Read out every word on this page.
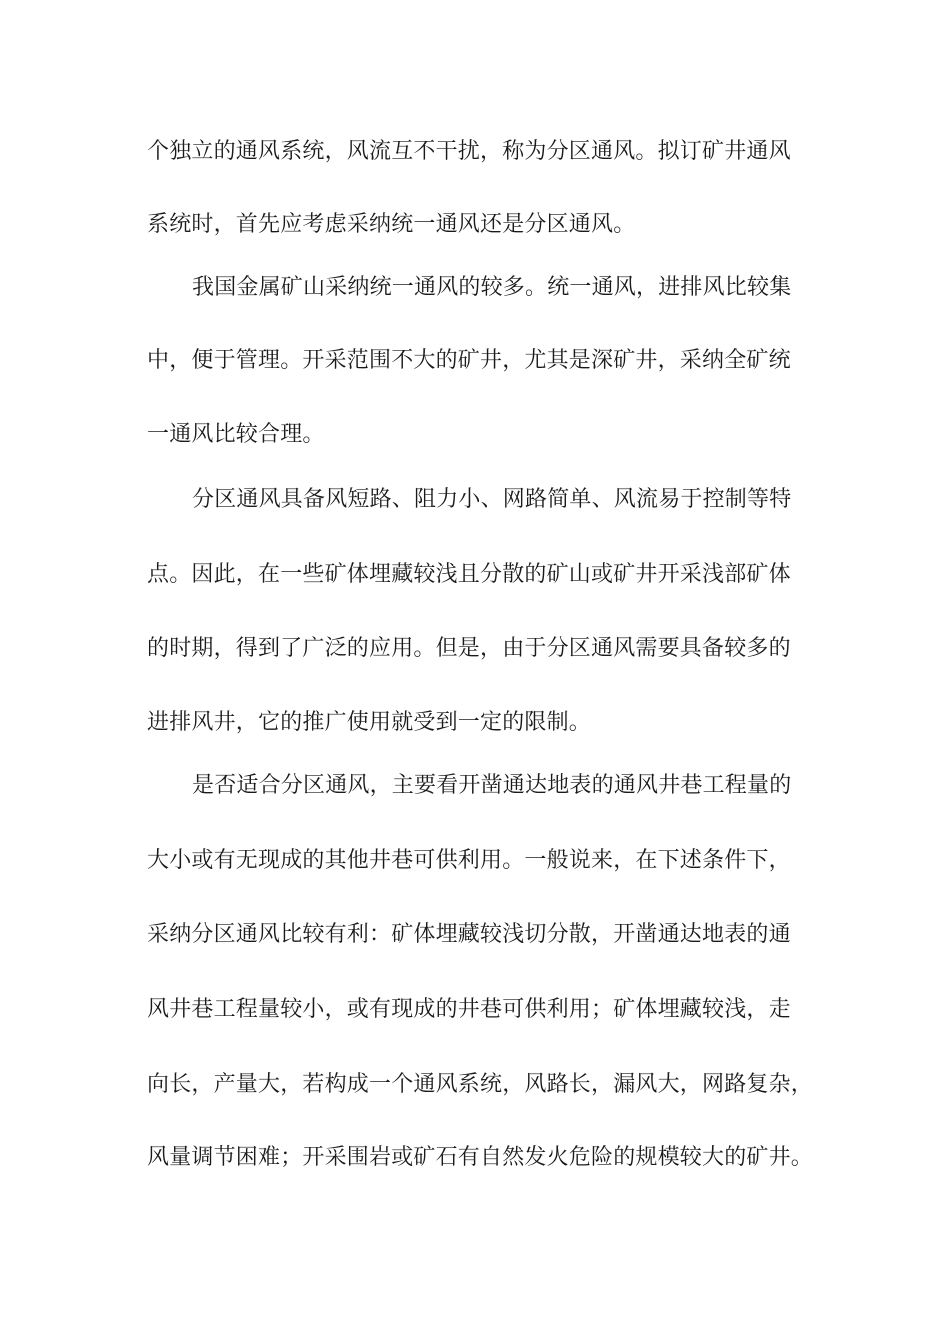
个独立的通风系统，风流互不干扰，称为分区通风。拟订矿井通风
系统时，首先应考虑采纳统一通风还是分区通风。
我国金属矿山采纳统一通风的较多。统一通风，进排风比较集
中，便于管理。开采范围不大的矿井，尤其是深矿井，采纳全矿统
一通风比较合理。
分区通风具备风短路、阻力小、网路简单、风流易于控制等特
点。因此，在一些矿体埋藏较浅且分散的矿山或矿井开采浅部矿体
的时期，得到了广泛的应用。但是，由于分区通风需要具备较多的
进排风井，它的推广使用就受到一定的限制。
是否适合分区通风，主要看开凿通达地表的通风井巷工程量的
大小或有无现成的其他井巷可供利用。一般说来，在下述条件下，
采纳分区通风比较有利：矿体埋藏较浅切分散，开凿通达地表的通
风井巷工程量较小，或有现成的井巷可供利用；矿体埋藏较浅，走
向长，产量大，若构成一个通风系统，风路长，漏风大，网路复杂，
风量调节困难；开采围岩或矿石有自然发火危险的规模较大的矿井。
